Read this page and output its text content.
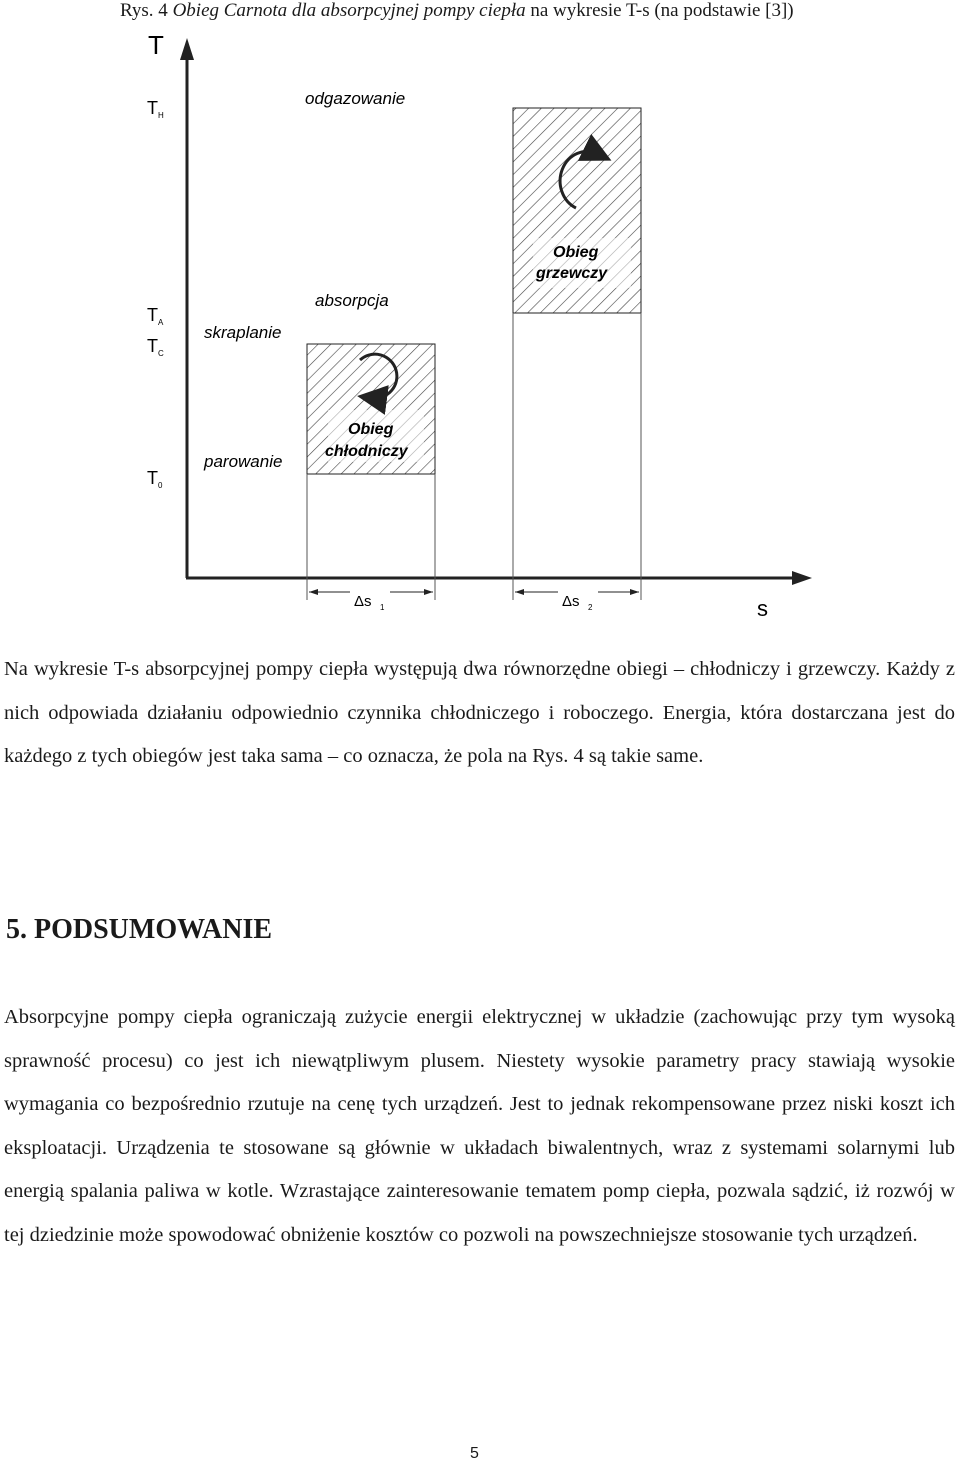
Rys. 4 Obieg Carnota dla absorpcyjnej pompy ciepła na wykresie T-s (na podstawie [3])
T
s
T H
T A
T C
T 0
odgazowanie
absorpcja
skraplanie
parowanie
Obieg
chłodniczy
Obieg
grzewczy
Δs 1	Δs 2

Na wykresie T-s absorpcyjnej pompy ciepła występują dwa równorzędne obiegi – chłodniczy i grzewczy. Każdy z nich odpowiada działaniu odpowiednio czynnika chłodniczego i roboczego. Energia, która dostarczana jest do każdego z tych obiegów jest taka sama – co oznacza, że pola na Rys. 4 są takie same.

5. PODSUMOWANIE

Absorpcyjne pompy ciepła ograniczają zużycie energii elektrycznej w układzie (zachowując przy tym wysoką sprawność procesu) co jest ich niewątpliwym plusem. Niestety wysokie parametry pracy stawiają wysokie wymagania co bezpośrednio rzutuje na cenę tych urządzeń. Jest to jednak rekompensowane przez niski koszt ich eksploatacji. Urządzenia te stosowane są głównie w układach biwalentnych, wraz z systemami solarnymi lub energią spalania paliwa w kotle. Wzrastające zainteresowanie tematem pomp ciepła, pozwala sądzić, iż rozwój w tej dziedzinie może spowodować obniżenie kosztów co pozwoli na powszechniejsze stosowanie tych urządzeń.

5
